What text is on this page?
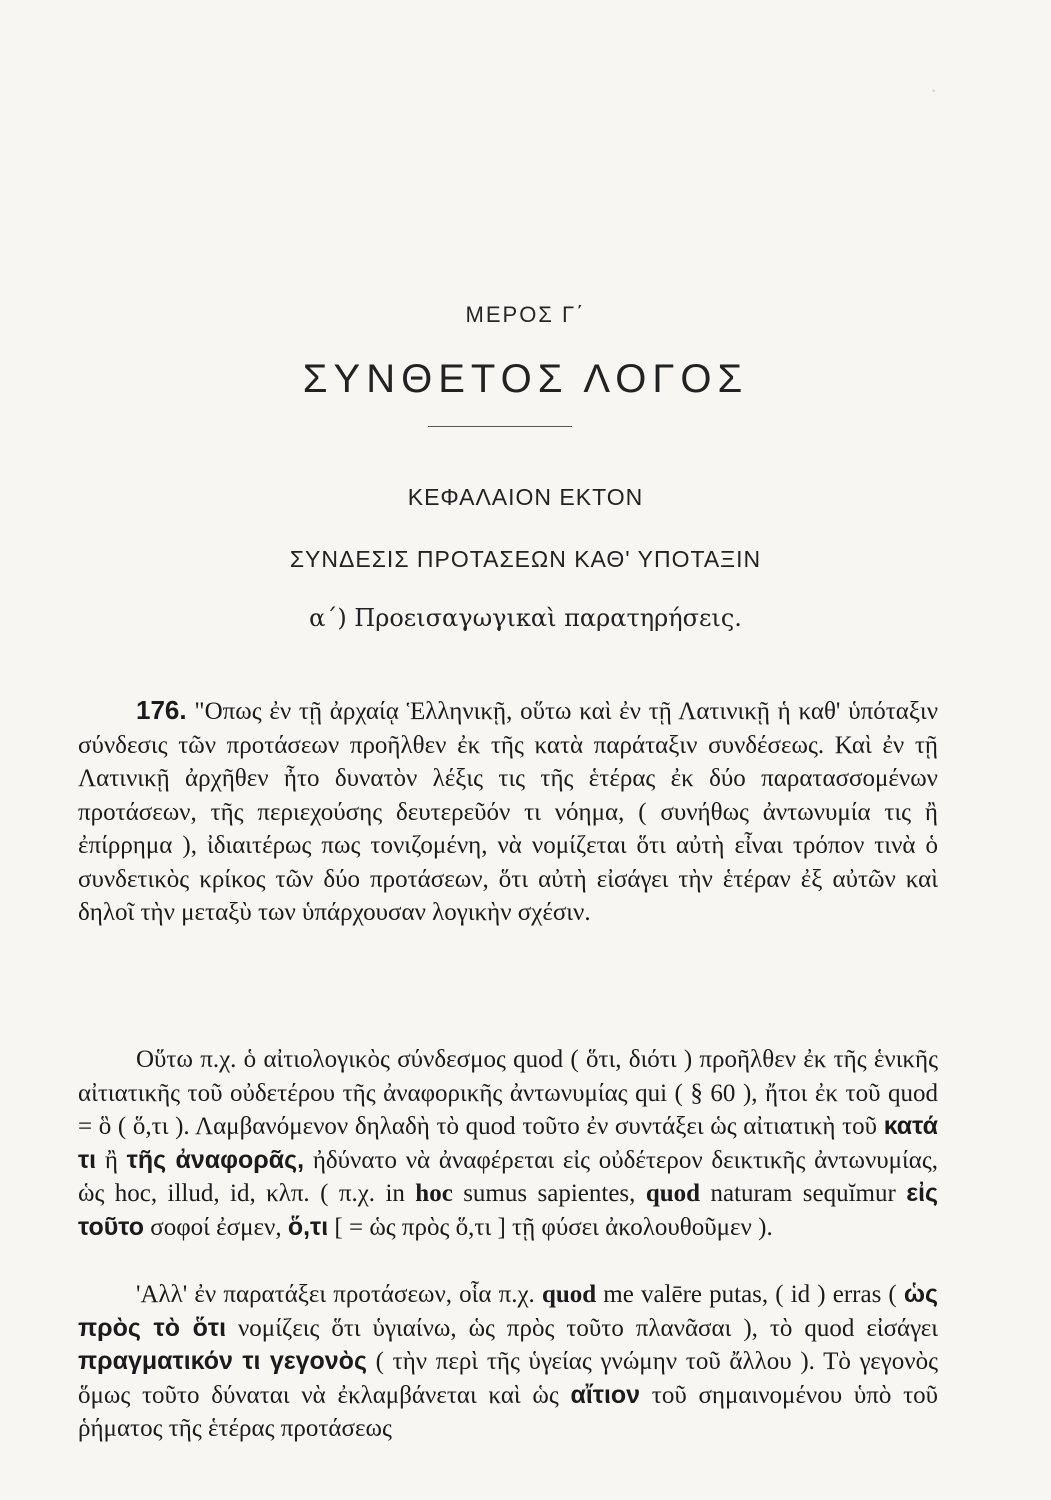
·
ΜΕΡΟΣ Γ΄
ΣΥΝΘΕΤΟΣ ΛΟΓΟΣ
ΚΕΦΑΛΑΙΟΝ ΕΚΤΟΝ
ΣΥΝΔΕΣΙΣ ΠΡΟΤΑΣΕΩΝ ΚΑΘ' ΥΠΟΤΑΞΙΝ
α΄) Προεισαγωγικαὶ παρατηρήσεις.
176. "Οπως ἐν τῇ ἀρχαίᾳ Ἑλληνικῇ, οὕτω καὶ ἐν τῇ Λατινικῇ ἡ καθ' ὑπόταξιν σύνδεσις τῶν προτάσεων προῆλθεν ἐκ τῆς κατὰ παράταξιν συνδέσεως. Καὶ ἐν τῇ Λατινικῇ ἀρχῆθεν ἦτο δυνατὸν λέξις τις τῆς ἑτέρας ἐκ δύο παρατασσομένων προτάσεων, τῆς περιεχούσης δευτερεῦόν τι νόημα, ( συνήθως ἀντωνυμία τις ἢ ἐπίρρημα ), ἰδιαιτέρως πως τονιζομένη, νὰ νομίζεται ὅτι αὐτὴ εἶναι τρόπον τινὰ ὁ συνδετικὸς κρίκος τῶν δύο προτάσεων, ὅτι αὐτὴ εἰσάγει τὴν ἑτέραν ἐξ αὐτῶν καὶ δηλοῖ τὴν μεταξὺ των ὑπάρχουσαν λογικὴν σχέσιν.
Οὕτω π.χ. ὁ αἰτιολογικὸς σύνδεσμος quod ( ὅτι, διότι ) προῆλθεν ἐκ τῆς ἑνικῆς αἰτιατικῆς τοῦ οὐδετέρου τῆς ἀναφορικῆς ἀντωνυμίας qui ( § 60 ), ἤτοι ἐκ τοῦ quod = ὃ ( ὅ,τι ). Λαμβανόμενον δηλαδὴ τὸ quod τοῦτο ἐν συντάξει ὡς αἰτιατικὴ τοῦ κατά τι ἢ τῆς ἀναφορᾶς, ἠδύνατο νὰ ἀναφέρεται εἰς οὐδέτερον δεικτικῆς ἀντωνυμίας, ὡς hoc, illud, id, κλπ. ( π.χ. in hoc sumus sapientes, quod naturam sequĭmur εἰς τοῦτο σοφοί ἐσμεν, ὅ,τι [ = ὡς πρὸς ὅ,τι ] τῇ φύσει ἀκολουθοῦμεν ).
'Αλλ' ἐν παρατάξει προτάσεων, οἷα π.χ. quod me valēre putas, ( id ) erras ( ὡς πρὸς τὸ ὅτι νομίζεις ὅτι ὑγιαίνω, ὡς πρὸς τοῦτο πλανᾶσαι ), τὸ quod εἰσάγει πραγματικόν τι γεγονὸς ( τὴν περὶ τῆς ὑγείας γνώμην τοῦ ἄλλου ). Τὸ γεγονὸς ὅμως τοῦτο δύναται νὰ ἐκλαμβάνεται καὶ ὡς αἴτιον τοῦ σημαινομένου ὑπὸ τοῦ ῥήματος τῆς ἑτέρας προτάσεως
